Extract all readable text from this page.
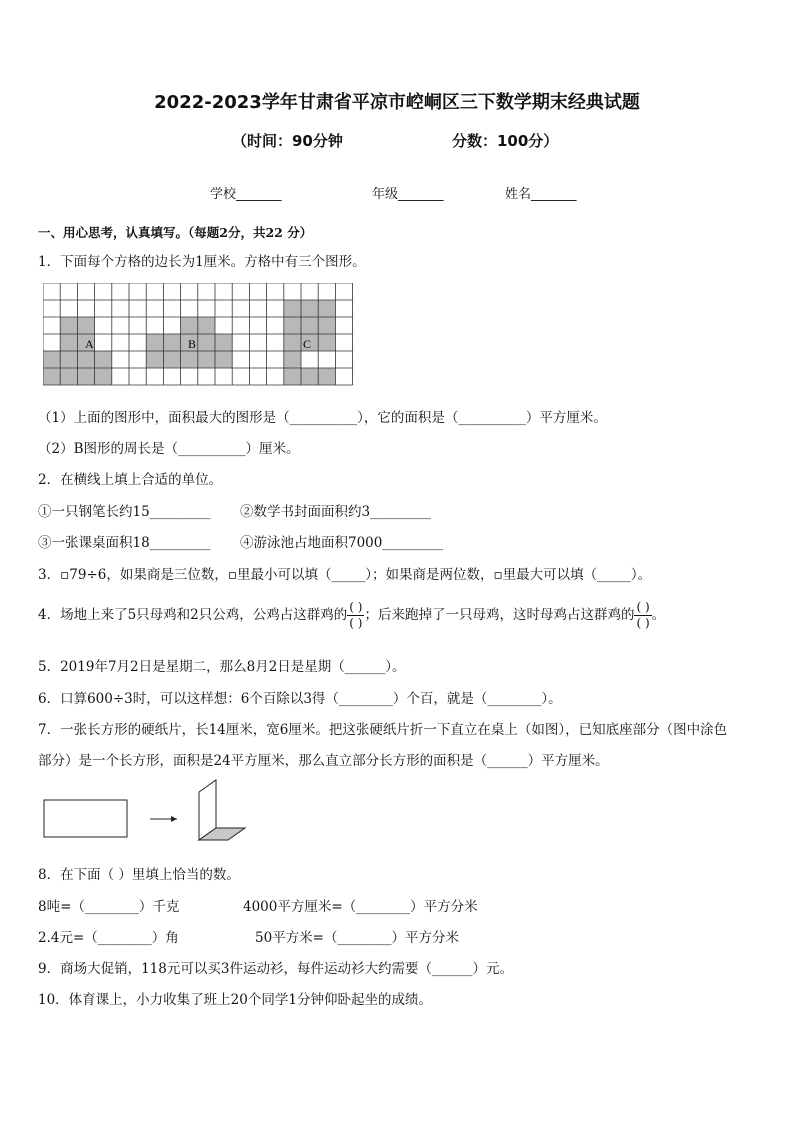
2022-2023学年甘肃省平凉市崆峒区三下数学期末经典试题
（时间：90分钟	分数：100分）
学校_______	年级_______	姓名_______
一、用心思考，认真填写。（每题2分，共22 分）
1．下面每个方格的边长为1厘米。方格中有三个图形。
A	B	C
（1）上面的图形中，面积最大的图形是（__________），它的面积是（__________）平方厘米。
（2）B图形的周长是（__________）厘米。
2．在横线上填上合适的单位。
①一只钢笔长约15_________ ②数学书封面面积约3_________
③一张课桌面积18_________ ④游泳池占地面积7000_________
3．▫79÷6，如果商是三位数，▫里最小可以填（_____）；如果商是两位数，▫里最大可以填（_____）。
4．场地上来了5只母鸡和2只公鸡，公鸡占这群鸡的 $\frac{( )}{( )}$ ；后来跑掉了一只母鸡，这时母鸡占这群鸡的 $\frac{( )}{( )}$ 。
5．2019年7月2日是星期二，那么8月2日是星期（______）。
6．口算600÷3时，可以这样想：6个百除以3得（________）个百，就是（________）。
7．一张长方形的硬纸片，长14厘米，宽6厘米。把这张硬纸片折一下直立在桌上（如图），已知底座部分（图中涂色
部分）是一个长方形，面积是24平方厘米，那么直立部分长方形的面积是（______）平方厘米。
8．在下面（ ）里填上恰当的数。
8吨=（________）千克	4000平方厘米=（________）平方分米
2.4元=（________）角	50平方米=（________）平方分米
9．商场大促销，118元可以买3件运动衫，每件运动衫大约需要（______）元。
10．体育课上，小力收集了班上20个同学1分钟仰卧起坐的成绩。
